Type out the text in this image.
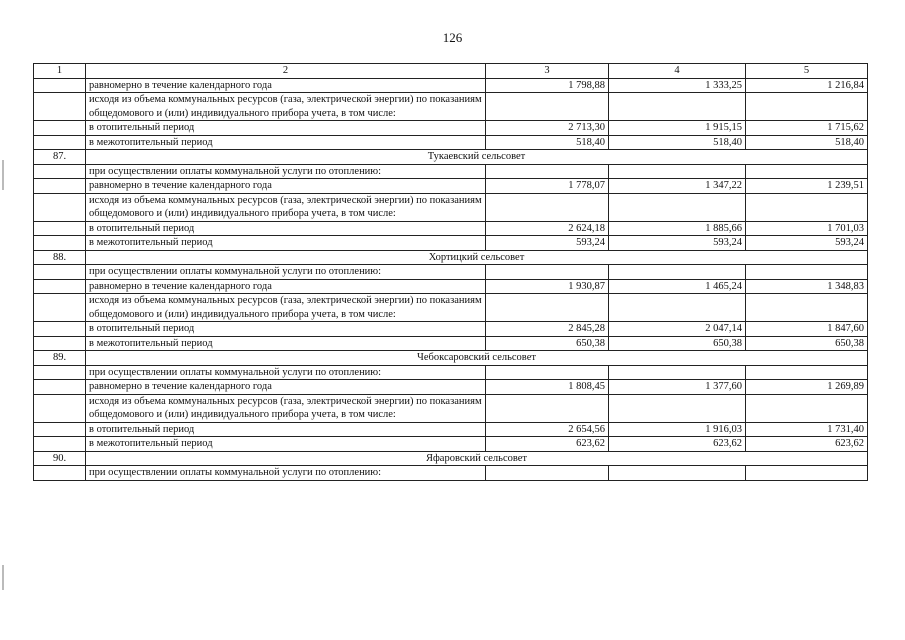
126
1	2	3	4	5
	равномерно в течение календарного года	1 798,88	1 333,25	1 216,84
	исходя из объема коммунальных ресурсов (газа, электрической энергии) по показаниям общедомового и (или) индивидуального прибора учета, в том числе:			
	в отопительный период	2 713,30	1 915,15	1 715,62
	в межотопительный период	518,40	518,40	518,40
87.	Тукаевский сельсовет			
	при осуществлении оплаты коммунальной услуги по отоплению:			
	равномерно в течение календарного года	1 778,07	1 347,22	1 239,51
	исходя из объема коммунальных ресурсов (газа, электрической энергии) по показаниям общедомового и (или) индивидуального прибора учета, в том числе:			
	в отопительный период	2 624,18	1 885,66	1 701,03
	в межотопительный период	593,24	593,24	593,24
88.	Хортицкий сельсовет			
	при осуществлении оплаты коммунальной услуги по отоплению:			
	равномерно в течение календарного года	1 930,87	1 465,24	1 348,83
	исходя из объема коммунальных ресурсов (газа, электрической энергии) по показаниям общедомового и (или) индивидуального прибора учета, в том числе:			
	в отопительный период	2 845,28	2 047,14	1 847,60
	в межотопительный период	650,38	650,38	650,38
89.	Чебоксаровский сельсовет			
	при осуществлении оплаты коммунальной услуги по отоплению:			
	равномерно в течение календарного года	1 808,45	1 377,60	1 269,89
	исходя из объема коммунальных ресурсов (газа, электрической энергии) по показаниям общедомового и (или) индивидуального прибора учета, в том числе:			
	в отопительный период	2 654,56	1 916,03	1 731,40
	в межотопительный период	623,62	623,62	623,62
90.	Яфаровский сельсовет			
	при осуществлении оплаты коммунальной услуги по отоплению:			
